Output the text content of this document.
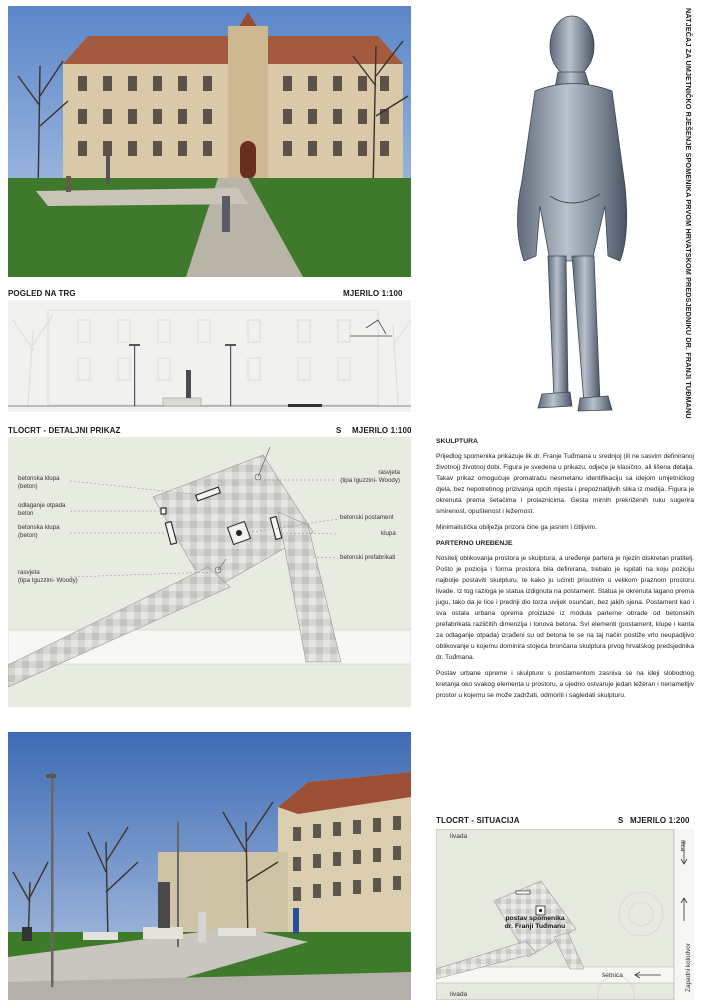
POGLED NA TRG	MJERILO 1:100
TLOCRT - DETALJNI PRIKAZ	S MJERILO 1:100
betonska klupa
(beton)
odlaganje otpada
beton
betonska klupa
(beton)
rasvjeta
(tipa Iguzzini- Woody)
rasvjeta
(tipa Iguzzini- Woody)
betonski postament
klupa
betonski prefabrikati
NATJEČAJ ZA UMJETNIČKO RJEŠENJE SPOMENIKA PRVOM HRVATSKOM PREDSJEDNIKU DR. FRANJI TUĐMANU
SKULPTURA

Prijedlog spomenika prikazuje lik dr. Franje Tuđmana u srednjoj (ili ne sasvim definiranoj životnoj) životnoj dobi. Figura je svedena u prikazu, odjeće je klasično, ali lišena detalja. Takav prikaz omogućuje promatraču nesmetanu identifikaciju sa idejom umjetničkog djela, bez nepotrebnog prizivanja općih mjesta i prepoznatljivih slika iz medija. Figura je okrenuta prema šetačima i prolaznicima. Gesta mirnih prekriženih ruku sugerira smirenost, opuštenost i ležernost.

Minimalistička obilježja prizora čine ga jasnim i čitljivim.

PARTERNO UREĐENJE

Nositelj oblikovanja prostora je skulptura, a uređenje partera je njezin diskretan pratitelj. Pošto je pozicija i forma prostora bila definirana, trebalo je ispitati na koju poziciju najbolje postaviti skulpturu, te kako ju učiniti prisutnim u velikom praznom prostoru livade. Iz tog razloga je statua izdignuta na postament. Statua je okrenuta lagano prema jugu, tako da je lice i prednji dio torza uvijek osunčan, bez jakih sjena. Postament kao i sva ostala urbana oprema proizlaze iz modula parterne obrade od betonskih prefabrikata različitih dimenzija i tonova betona. Svi elementi (postament, klupe i kanta za odlaganje otpada) izrađeni su od betona te se na taj način postiže vrlo neupadljivo oblikovanje u kojemu dominira stojeća brončana skulptura prvog hrvatskog predsjednika dr. Tuđmana.

Postav urbane opreme i skulpture s postamentom zasniva se na ideji slobodnog kretanja oko svakog elementa u prostoru, a ujedno ostvaruje jedan ležeran i nenametljiv prostor u kojemu se može zadržati, odmoriti i sagledati skulpturu.

TLOCRT - SITUACIJA	S MJERILO 1:200
livada
livada
šetnica
postav spomenika
dr. Franji Tuđmanu
Ilica
Zapadni kolodvor
